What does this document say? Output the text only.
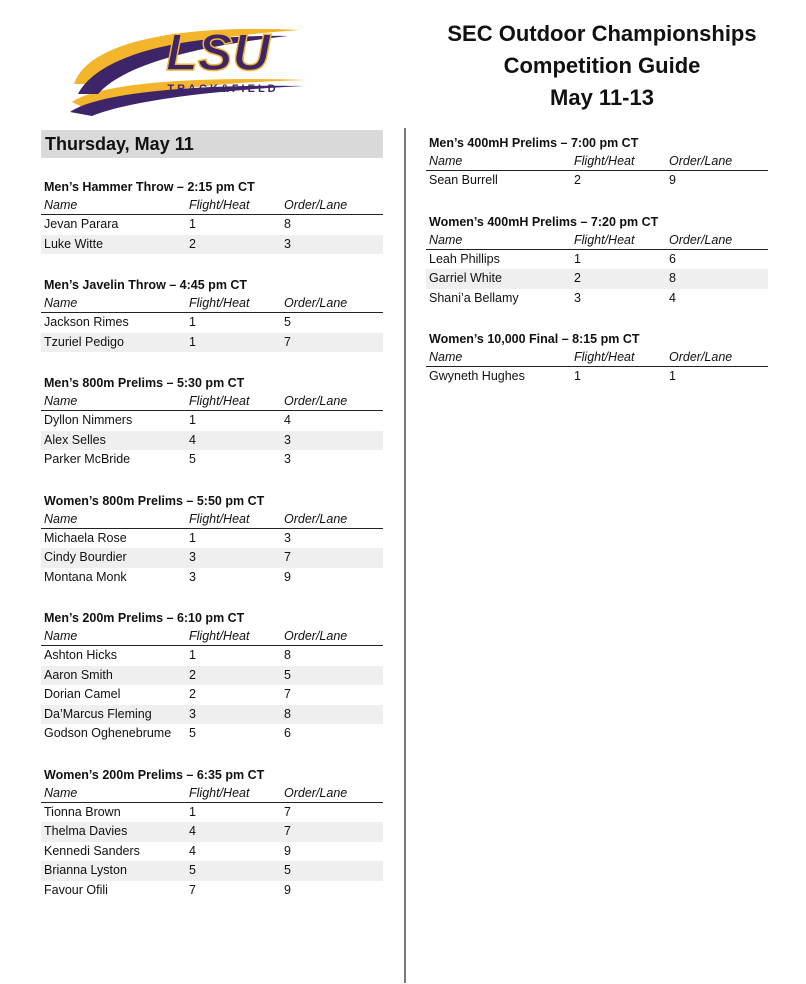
LSU
TRACK&FIELD
SEC Outdoor Championships
Competition Guide
May 11-13
Thursday, May 11
Men’s Hammer Throw – 2:15 pm CT
Name	Flight/Heat	Order/Lane
Jevan Parara	1	8
Luke Witte	2	3
Men’s Javelin Throw – 4:45 pm CT
Name	Flight/Heat	Order/Lane
Jackson Rimes	1	5
Tzuriel Pedigo	1	7
Men’s 800m Prelims – 5:30 pm CT
Name	Flight/Heat	Order/Lane
Dyllon Nimmers	1	4
Alex Selles	4	3
Parker McBride	5	3
Women’s 800m Prelims – 5:50 pm CT
Name	Flight/Heat	Order/Lane
Michaela Rose	1	3
Cindy Bourdier	3	7
Montana Monk	3	9
Men’s 200m Prelims – 6:10 pm CT
Name	Flight/Heat	Order/Lane
Ashton Hicks	1	8
Aaron Smith	2	5
Dorian Camel	2	7
Da’Marcus Fleming	3	8
Godson Oghenebrume	5	6
Women’s 200m Prelims – 6:35 pm CT
Name	Flight/Heat	Order/Lane
Tionna Brown	1	7
Thelma Davies	4	7
Kennedi Sanders	4	9
Brianna Lyston	5	5
Favour Ofili	7	9
Men’s 400mH Prelims – 7:00 pm CT
Name	Flight/Heat	Order/Lane
Sean Burrell	2	9
Women’s 400mH Prelims – 7:20 pm CT
Name	Flight/Heat	Order/Lane
Leah Phillips	1	6
Garriel White	2	8
Shani’a Bellamy	3	4
Women’s 10,000 Final – 8:15 pm CT
Name	Flight/Heat	Order/Lane
Gwyneth Hughes	1	1
